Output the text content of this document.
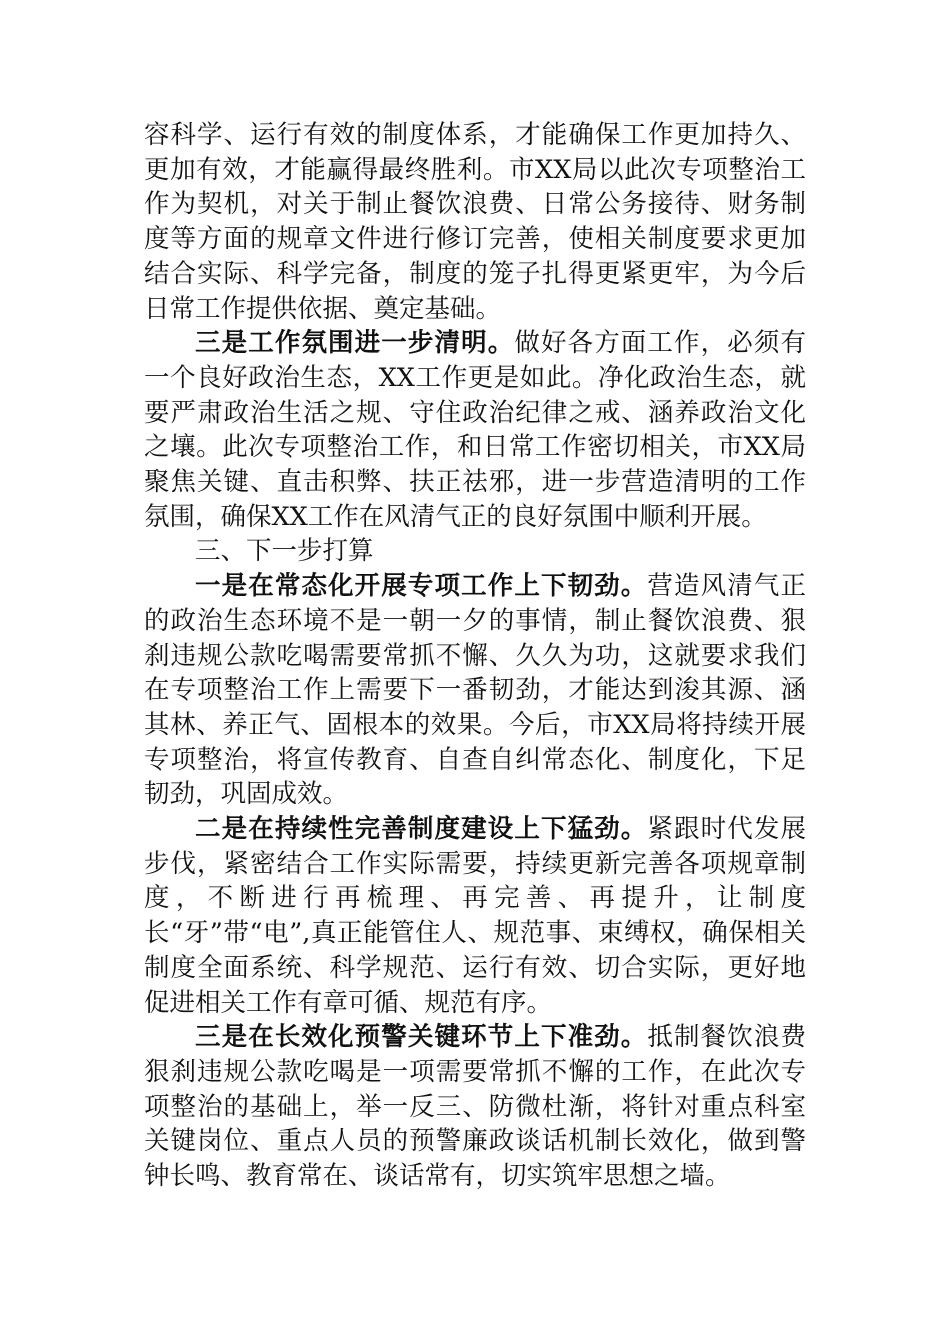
容科学、运行有效的制度体系，才能确保工作更加持久、更加有效，才能赢得最终胜利。市XX局以此次专项整治工作为契机，对关于制止餐饮浪费、日常公务接待、财务制度等方面的规章文件进行修订完善，使相关制度要求更加结合实际、科学完备，制度的笼子扎得更紧更牢，为今后日常工作提供依据、奠定基础。

三是工作氛围进一步清明。做好各方面工作，必须有一个良好政治生态，XX工作更是如此。净化政治生态，就要严肃政治生活之规、守住政治纪律之戒、涵养政治文化之壤。此次专项整治工作，和日常工作密切相关，市XX局聚焦关键、直击积弊、扶正祛邪，进一步营造清明的工作氛围，确保XX工作在风清气正的良好氛围中顺利开展。

三、下一步打算

一是在常态化开展专项工作上下韧劲。营造风清气正的政治生态环境不是一朝一夕的事情，制止餐饮浪费、狠刹违规公款吃喝需要常抓不懈、久久为功，这就要求我们在专项整治工作上需要下一番韧劲，才能达到浚其源、涵其林、养正气、固根本的效果。今后，市XX局将持续开展专项整治，将宣传教育、自查自纠常态化、制度化，下足韧劲，巩固成效。

二是在持续性完善制度建设上下猛劲。紧跟时代发展步伐，紧密结合工作实际需要，持续更新完善各项规章制度，不断进行再梳理、再完善、再提升，让制度长“牙”带“电”,真正能管住人、规范事、束缚权，确保相关制度全面系统、科学规范、运行有效、切合实际，更好地促进相关工作有章可循、规范有序。

三是在长效化预警关键环节上下准劲。抵制餐饮浪费狠刹违规公款吃喝是一项需要常抓不懈的工作，在此次专项整治的基础上，举一反三、防微杜渐，将针对重点科室关键岗位、重点人员的预警廉政谈话机制长效化，做到警钟长鸣、教育常在、谈话常有，切实筑牢思想之墙。
